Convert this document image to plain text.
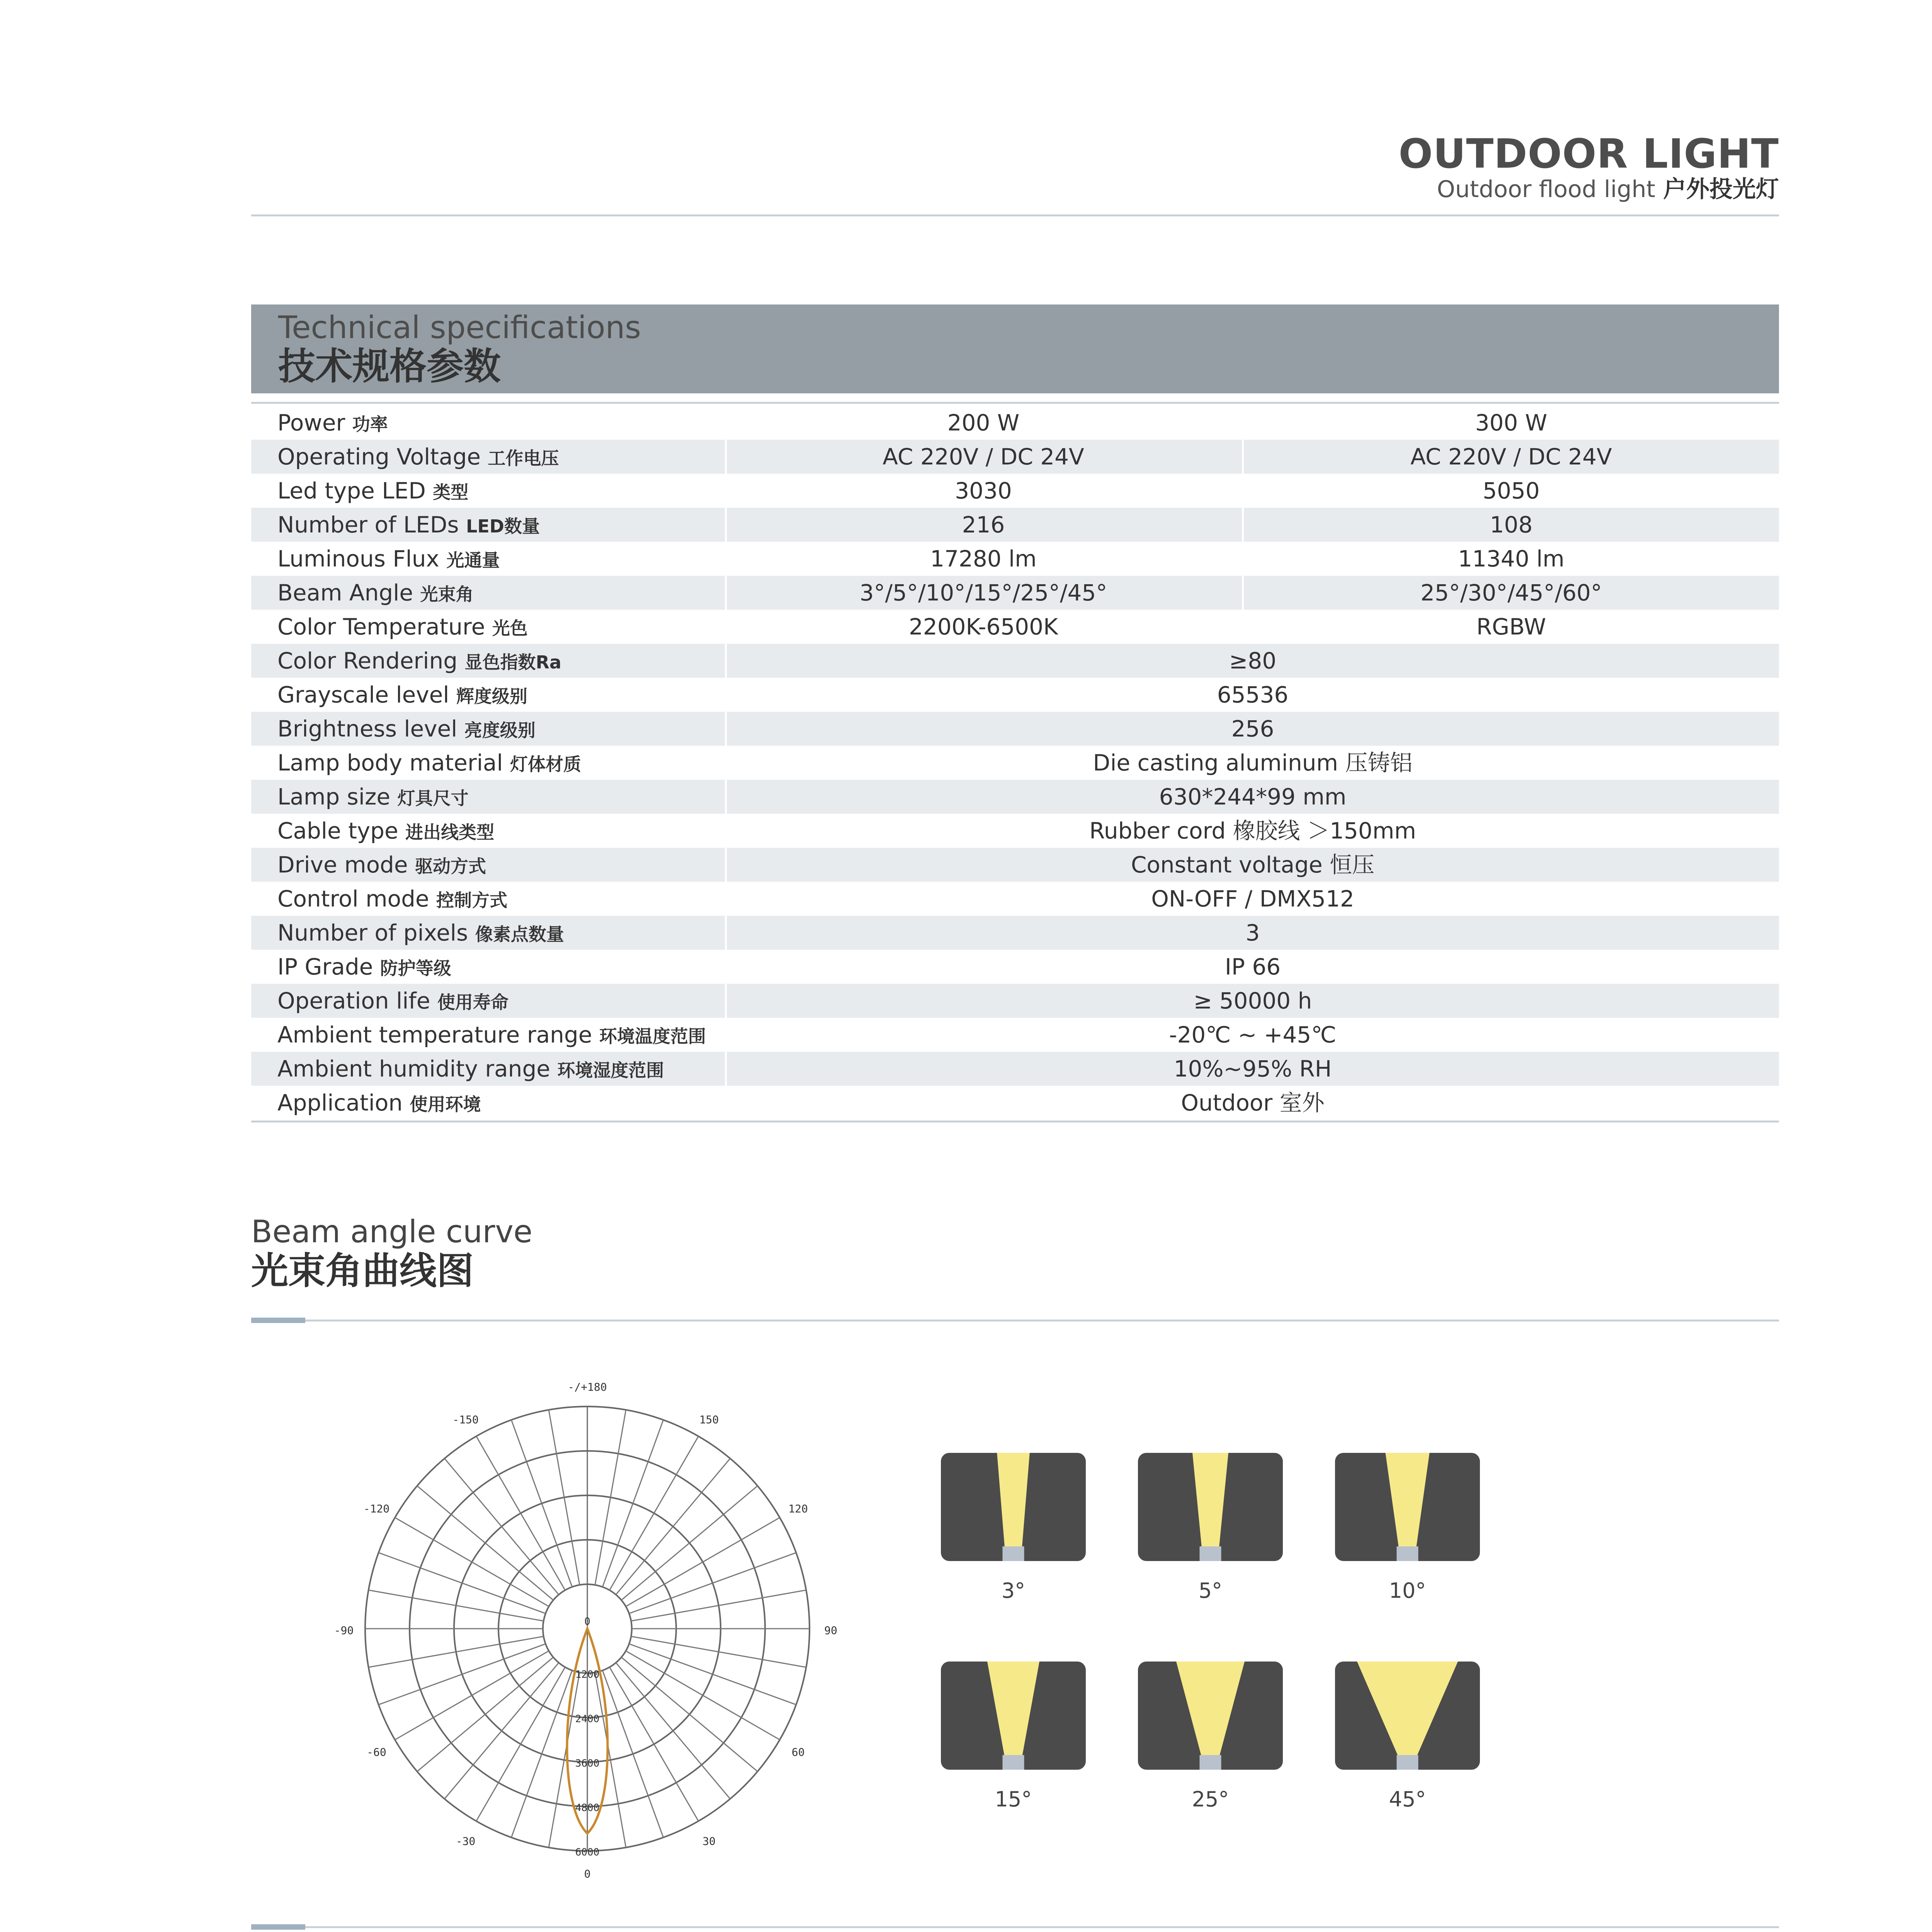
OUTDOOR LIGHT
Outdoor flood light 户外投光灯
Technical specifications
技术规格参数
Power 功率	200 W	300 W
Operating Voltage 工作电压	AC 220V / DC 24V	AC 220V / DC 24V
Led type LED 类型	3030	5050
Number of LEDs LED数量	216	108
Luminous Flux 光通量	17280 lm	11340 lm
Beam Angle 光束角	3°/5°/10°/15°/25°/45°	25°/30°/45°/60°
Color Temperature 光色	2200K-6500K	RGBW
Color Rendering 显色指数Ra	≥80
Grayscale level 辉度级别	65536
Brightness level 亮度级别	256
Lamp body material 灯体材质	Die casting aluminum 压铸铝
Lamp size 灯具尺寸	630*244*99 mm
Cable type 进出线类型	Rubber cord 橡胶线 ＞150mm
Drive mode 驱动方式	Constant voltage 恒压
Control mode 控制方式	ON-OFF / DMX512
Number of pixels 像素点数量	3
IP Grade 防护等级	IP 66
Operation life 使用寿命	≥ 50000 h
Ambient temperature range 环境温度范围	-20℃ ~ +45℃
Ambient humidity range 环境湿度范围	10%~95% RH
Application 使用环境	Outdoor 室外
Beam angle curve
光束角曲线图
-/+180
150
120
90
60
30
0
-30
-60
-90
-120
-150
0
1200
2400
3600
4800
6000
3°	5°	10°
15°	25°	45°
